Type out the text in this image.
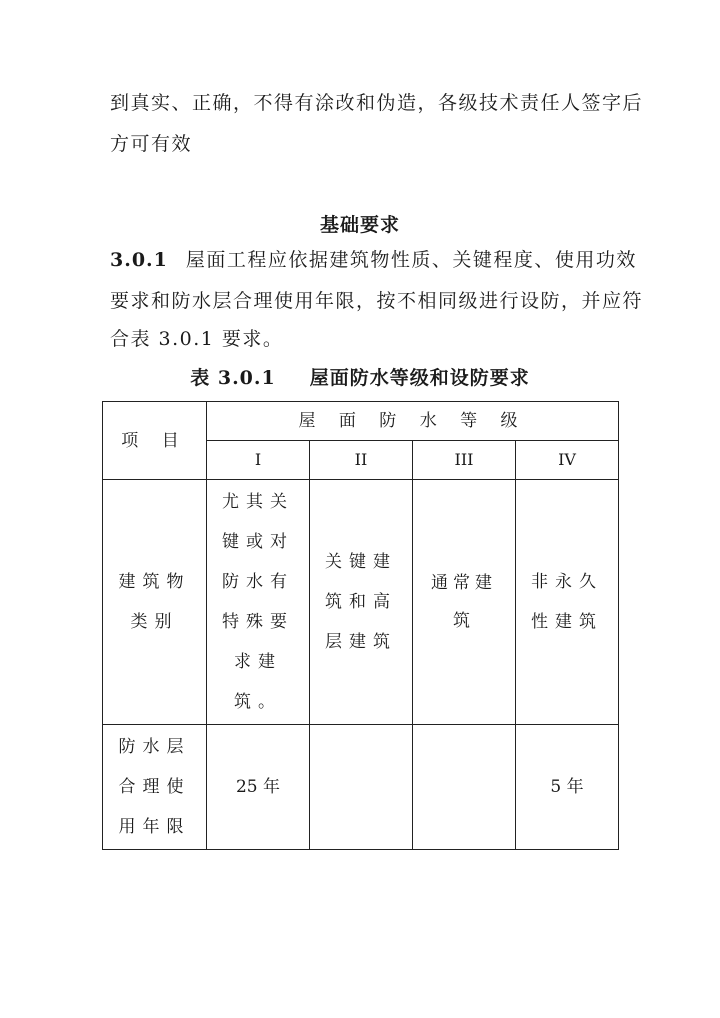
到真实、正确，不得有涂改和伪造，各级技术责任人签字后
方可有效
基础要求
3.0.1 屋面工程应依据建筑物性质、关键程度、使用功效
要求和防水层合理使用年限，按不相同级进行设防，并应符
合表 3.0.1 要求。
表 3.0.1 屋面防水等级和设防要求
项 目	屋 面 防 水 等 级			
	I	II	III	IV
建筑物类别	尤其关键或对防水有特殊要求建筑。	关键建筑和高层建筑	通常建筑	非永久性建筑
防水层合理使用年限	25 年			5 年
